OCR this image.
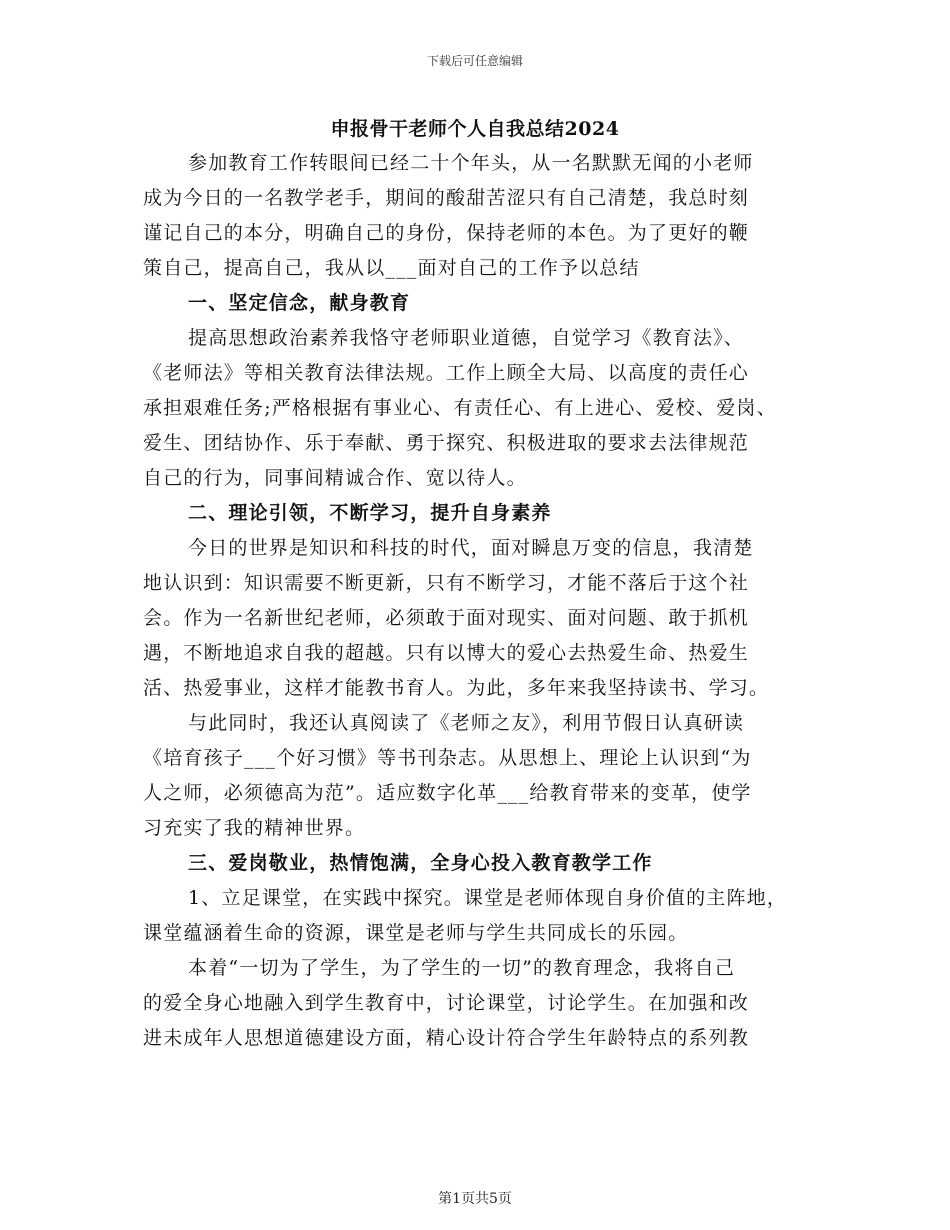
下载后可任意编辑
申报骨干老师个人自我总结2024
参加教育工作转眼间已经二十个年头，从一名默默无闻的小老师
成为今日的一名教学老手，期间的酸甜苦涩只有自己清楚，我总时刻
谨记自己的本分，明确自己的身份，保持老师的本色。为了更好的鞭
策自己，提高自己，我从以___面对自己的工作予以总结
一、坚定信念，献身教育
提高思想政治素养我恪守老师职业道德，自觉学习《教育法》、
《老师法》等相关教育法律法规。工作上顾全大局、以高度的责任心
承担艰难任务;严格根据有事业心、有责任心、有上进心、爱校、爱岗、
爱生、团结协作、乐于奉献、勇于探究、积极进取的要求去法律规范
自己的行为，同事间精诚合作、宽以待人。
二、理论引领，不断学习，提升自身素养
今日的世界是知识和科技的时代，面对瞬息万变的信息，我清楚
地认识到：知识需要不断更新，只有不断学习，才能不落后于这个社
会。作为一名新世纪老师，必须敢于面对现实、面对问题、敢于抓机
遇，不断地追求自我的超越。只有以博大的爱心去热爱生命、热爱生
活、热爱事业，这样才能教书育人。为此，多年来我坚持读书、学习。
与此同时，我还认真阅读了《老师之友》，利用节假日认真研读
《培育孩子___个好习惯》等书刊杂志。从思想上、理论上认识到“为
人之师，必须德高为范”。适应数字化革___给教育带来的变革，使学
习充实了我的精神世界。
三、爱岗敬业，热情饱满，全身心投入教育教学工作
1、立足课堂，在实践中探究。课堂是老师体现自身价值的主阵地，
课堂蕴涵着生命的资源，课堂是老师与学生共同成长的乐园。
本着“一切为了学生，为了学生的一切”的教育理念，我将自己
的爱全身心地融入到学生教育中，讨论课堂，讨论学生。在加强和改
进未成年人思想道德建设方面，精心设计符合学生年龄特点的系列教
第1页共5页
